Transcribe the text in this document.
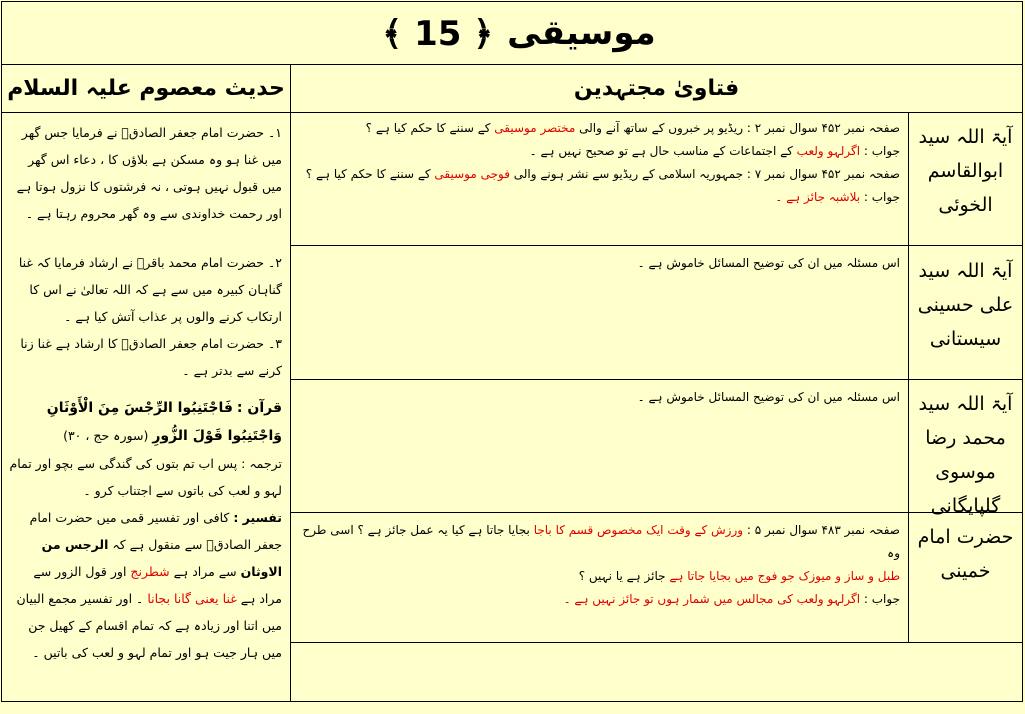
موسیقی
﴿ 15 ﴾
فتاویٰ مجتہدین
حدیث معصوم علیہ السلام
آیۃ اللہ سید ابوالقاسم الخوئی

صفحہ نمبر ۴۵۲ سوال نمبر ۲ : ریڈیو پر خبروں کے ساتھ آنے والی مختصر موسیقی کے سننے کا حکم کیا ہے ؟

جواب : اگرلہو ولعب کے اجتماعات کے مناسب حال ہے تو صحیح نہیں ہے ۔

صفحہ نمبر ۴۵۲ سوال نمبر ۷ : جمہوریہ اسلامی کے ریڈیو سے نشر ہونے والی فوجی موسیقی کے سننے کا حکم کیا ہے ؟

جواب : بلاشبہ جائز ہے ۔

آیۃ اللہ سید علی حسینی سیستانی

اس مسئلہ میں ان کی توضیح المسائل خاموش ہے ۔

آیۃ اللہ سید محمد رضا موسوی گلپایگانی

اس مسئلہ میں ان کی توضیح المسائل خاموش ہے ۔

حضرت امام خمینی

صفحہ نمبر ۴۸۳ سوال نمبر ۵ : ورزش کے وقت ایک مخصوص قسم کا باجا بجایا جاتا ہے کیا یہ عمل جائز ہے ؟ اسی طرح وہ

طبل و ساز و میوزک جو فوج میں بجایا جاتا ہے جائز ہے یا نہیں ؟

جواب : اگرلہو ولعب کی مجالس میں شمار ہوں تو جائز نہیں ہے ۔

۱۔ حضرت امام جعفر الصادقؑ نے فرمایا جس گھر میں غنا ہو وہ مسکن ہے بلاؤں کا ، دعاء اس گھر میں قبول نہیں ہوتی ، نہ فرشتوں کا نزول ہوتا ہے اور رحمت خداوندی سے وہ گھر محروم رہتا ہے ۔

۲۔ حضرت امام محمد باقرؑ نے ارشاد فرمایا کہ غنا گناہان کبیرہ میں سے ہے کہ اللہ تعالیٰ نے اس کا ارتکاب کرنے والوں پر عذاب آتش کیا ہے ۔

۳۔ حضرت امام جعفر الصادقؑ کا ارشاد ہے غنا زنا کرنے سے بدتر ہے ۔

قرآن : فَاجْتَنِبُوا الرِّجْسَ مِنَ الْأَوْثَانِ وَاجْتَنِبُوا قَوْلَ الزُّورِ (سورہ حج ، ۳۰)

ترجمہ : پس اب تم بتوں کی گندگی سے بچو اور تمام لہو و لعب کی باتوں سے اجتناب کرو ۔

تفسیر : کافی اور تفسیر قمی میں حضرت امام جعفر الصادقؑ سے منقول ہے کہ الرجس من الاوثان سے مراد ہے شطرنج اور قول الزور سے مراد ہے غنا یعنی گانا بجانا ۔ اور تفسیر مجمع البیان میں اتنا اور زیادہ ہے کہ تمام اقسام کے کھیل جن میں ہار جیت ہو اور تمام لہو و لعب کی باتیں ۔
